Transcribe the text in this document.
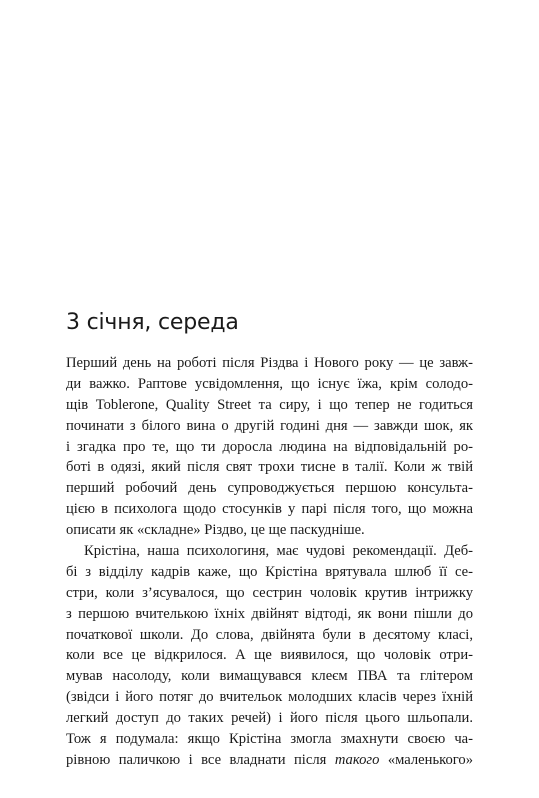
3 січня, середа
Перший день на роботі після Різдва і Нового року — це завж-
ди важко. Раптове усвідомлення, що існує їжа, крім солодо-
щів Toblerone, Quality Street та сиру, і що тепер не годиться
починати з білого вина о другій годині дня — завжди шок, як
і згадка про те, що ти доросла людина на відповідальній ро-
боті в одязі, який після свят трохи тисне в талії. Коли ж твій
перший робочий день супроводжується першою консульта-
цією в психолога щодо стосунків у парі після того, що можна
описати як «складне» Різдво, це ще паскудніше.
Крістіна, наша психологиня, має чудові рекомендації. Деб-
бі з відділу кадрів каже, що Крістіна врятувала шлюб її се-
стри, коли з’ясувалося, що сестрин чоловік крутив інтрижку
з першою вчителькою їхніх двійнят відтоді, як вони пішли до
початкової школи. До слова, двійнята були в десятому класі,
коли все це відкрилося. А ще виявилося, що чоловік отри-
мував насолоду, коли вимащувався клеєм ПВА та глітером
(звідси і його потяг до вчительок молодших класів через їхній
легкий доступ до таких речей) і його після цього шльопали.
Тож я подумала: якщо Крістіна змогла змахнути своєю ча-
рівною паличкою і все владнати після такого «маленького»
